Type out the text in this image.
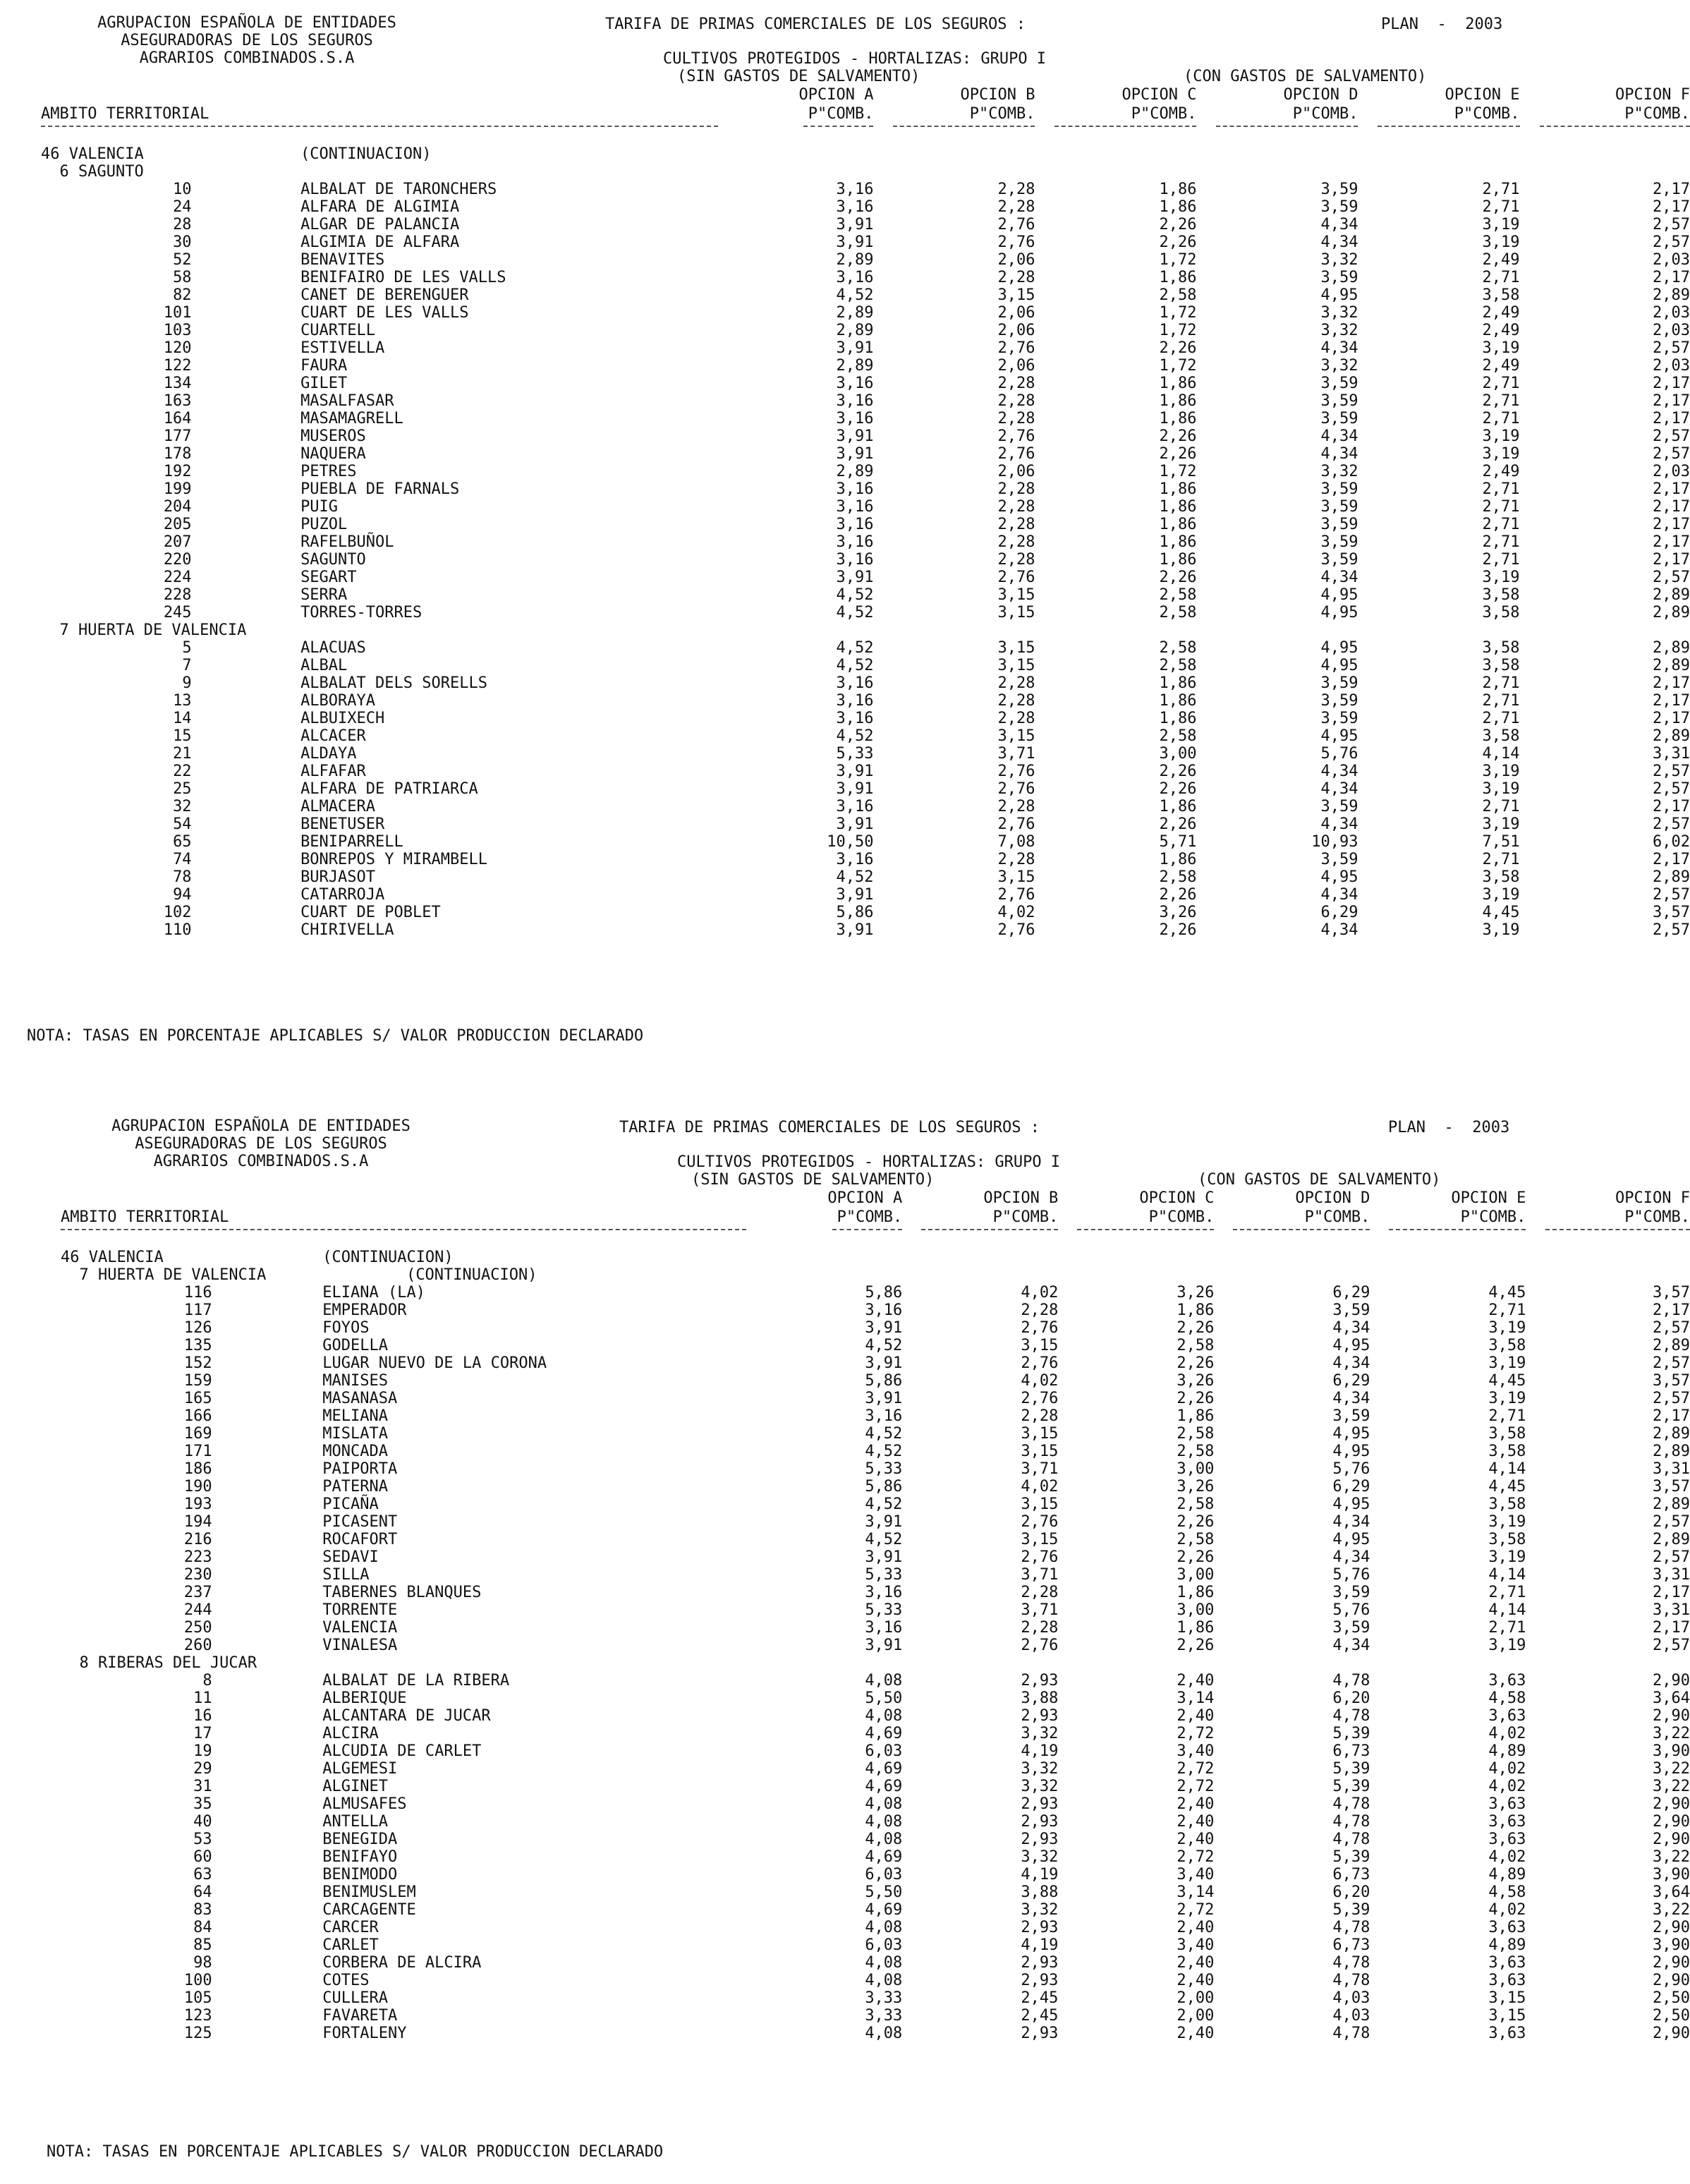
AGRUPACION ESPAÑOLA DE ENTIDADES
ASEGURADORAS DE LOS SEGUROS
AGRARIOS COMBINADOS.S.A
TARIFA DE PRIMAS COMERCIALES DE LOS SEGUROS :	PLAN  -  2003
CULTIVOS PROTEGIDOS - HORTALIZAS: GRUPO I
(SIN GASTOS DE SALVAMENTO)	(CON GASTOS DE SALVAMENTO)
			OPCION A	OPCION B	OPCION C	OPCION D	OPCION E	OPCION F
AMBITO TERRITORIAL			P"COMB.	P"COMB.	P"COMB.	P"COMB.	P"COMB.	P"COMB.

46 VALENCIA		(CONTINUACION)						
6 SAGUNTO								
10		ALBALAT DE TARONCHERS	3,16	2,28	1,86	3,59	2,71	2,17
24		ALFARA DE ALGIMIA	3,16	2,28	1,86	3,59	2,71	2,17
28		ALGAR DE PALANCIA	3,91	2,76	2,26	4,34	3,19	2,57
30		ALGIMIA DE ALFARA	3,91	2,76	2,26	4,34	3,19	2,57
52		BENAVITES	2,89	2,06	1,72	3,32	2,49	2,03
58		BENIFAIRO DE LES VALLS	3,16	2,28	1,86	3,59	2,71	2,17
82		CANET DE BERENGUER	4,52	3,15	2,58	4,95	3,58	2,89
101		CUART DE LES VALLS	2,89	2,06	1,72	3,32	2,49	2,03
103		CUARTELL	2,89	2,06	1,72	3,32	2,49	2,03
120		ESTIVELLA	3,91	2,76	2,26	4,34	3,19	2,57
122		FAURA	2,89	2,06	1,72	3,32	2,49	2,03
134		GILET	3,16	2,28	1,86	3,59	2,71	2,17
163		MASALFASAR	3,16	2,28	1,86	3,59	2,71	2,17
164		MASAMAGRELL	3,16	2,28	1,86	3,59	2,71	2,17
177		MUSEROS	3,91	2,76	2,26	4,34	3,19	2,57
178		NAQUERA	3,91	2,76	2,26	4,34	3,19	2,57
192		PETRES	2,89	2,06	1,72	3,32	2,49	2,03
199		PUEBLA DE FARNALS	3,16	2,28	1,86	3,59	2,71	2,17
204		PUIG	3,16	2,28	1,86	3,59	2,71	2,17
205		PUZOL	3,16	2,28	1,86	3,59	2,71	2,17
207		RAFELBUÑOL	3,16	2,28	1,86	3,59	2,71	2,17
220		SAGUNTO	3,16	2,28	1,86	3,59	2,71	2,17
224		SEGART	3,91	2,76	2,26	4,34	3,19	2,57
228		SERRA	4,52	3,15	2,58	4,95	3,58	2,89
245		TORRES-TORRES	4,52	3,15	2,58	4,95	3,58	2,89
7 HUERTA DE VALENCIA								
5		ALACUAS	4,52	3,15	2,58	4,95	3,58	2,89
7		ALBAL	4,52	3,15	2,58	4,95	3,58	2,89
9		ALBALAT DELS SORELLS	3,16	2,28	1,86	3,59	2,71	2,17
13		ALBORAYA	3,16	2,28	1,86	3,59	2,71	2,17
14		ALBUIXECH	3,16	2,28	1,86	3,59	2,71	2,17
15		ALCACER	4,52	3,15	2,58	4,95	3,58	2,89
21		ALDAYA	5,33	3,71	3,00	5,76	4,14	3,31
22		ALFAFAR	3,91	2,76	2,26	4,34	3,19	2,57
25		ALFARA DE PATRIARCA	3,91	2,76	2,26	4,34	3,19	2,57
32		ALMACERA	3,16	2,28	1,86	3,59	2,71	2,17
54		BENETUSER	3,91	2,76	2,26	4,34	3,19	2,57
65		BENIPARRELL	10,50	7,08	5,71	10,93	7,51	6,02
74		BONREPOS Y MIRAMBELL	3,16	2,28	1,86	3,59	2,71	2,17
78		BURJASOT	4,52	3,15	2,58	4,95	3,58	2,89
94		CATARROJA	3,91	2,76	2,26	4,34	3,19	2,57
102		CUART DE POBLET	5,86	4,02	3,26	6,29	4,45	3,57
110		CHIRIVELLA	3,91	2,76	2,26	4,34	3,19	2,57
NOTA: TASAS EN PORCENTAJE APLICABLES S/ VALOR PRODUCCION DECLARADO
AGRUPACION ESPAÑOLA DE ENTIDADES
ASEGURADORAS DE LOS SEGUROS
AGRARIOS COMBINADOS.S.A
TARIFA DE PRIMAS COMERCIALES DE LOS SEGUROS :	PLAN  -  2003
CULTIVOS PROTEGIDOS - HORTALIZAS: GRUPO I
(SIN GASTOS DE SALVAMENTO)	(CON GASTOS DE SALVAMENTO)
			OPCION A	OPCION B	OPCION C	OPCION D	OPCION E	OPCION F
AMBITO TERRITORIAL			P"COMB.	P"COMB.	P"COMB.	P"COMB.	P"COMB.	P"COMB.

46 VALENCIA		(CONTINUACION)						
7 HUERTA DE VALENCIA               (CONTINUACION)								
116		ELIANA (LA)	5,86	4,02	3,26	6,29	4,45	3,57
117		EMPERADOR	3,16	2,28	1,86	3,59	2,71	2,17
126		FOYOS	3,91	2,76	2,26	4,34	3,19	2,57
135		GODELLA	4,52	3,15	2,58	4,95	3,58	2,89
152		LUGAR NUEVO DE LA CORONA	3,91	2,76	2,26	4,34	3,19	2,57
159		MANISES	5,86	4,02	3,26	6,29	4,45	3,57
165		MASANASA	3,91	2,76	2,26	4,34	3,19	2,57
166		MELIANA	3,16	2,28	1,86	3,59	2,71	2,17
169		MISLATA	4,52	3,15	2,58	4,95	3,58	2,89
171		MONCADA	4,52	3,15	2,58	4,95	3,58	2,89
186		PAIPORTA	5,33	3,71	3,00	5,76	4,14	3,31
190		PATERNA	5,86	4,02	3,26	6,29	4,45	3,57
193		PICAÑA	4,52	3,15	2,58	4,95	3,58	2,89
194		PICASENT	3,91	2,76	2,26	4,34	3,19	2,57
216		ROCAFORT	4,52	3,15	2,58	4,95	3,58	2,89
223		SEDAVI	3,91	2,76	2,26	4,34	3,19	2,57
230		SILLA	5,33	3,71	3,00	5,76	4,14	3,31
237		TABERNES BLANQUES	3,16	2,28	1,86	3,59	2,71	2,17
244		TORRENTE	5,33	3,71	3,00	5,76	4,14	3,31
250		VALENCIA	3,16	2,28	1,86	3,59	2,71	2,17
260		VINALESA	3,91	2,76	2,26	4,34	3,19	2,57
8 RIBERAS DEL JUCAR								
8		ALBALAT DE LA RIBERA	4,08	2,93	2,40	4,78	3,63	2,90
11		ALBERIQUE	5,50	3,88	3,14	6,20	4,58	3,64
16		ALCANTARA DE JUCAR	4,08	2,93	2,40	4,78	3,63	2,90
17		ALCIRA	4,69	3,32	2,72	5,39	4,02	3,22
19		ALCUDIA DE CARLET	6,03	4,19	3,40	6,73	4,89	3,90
29		ALGEMESI	4,69	3,32	2,72	5,39	4,02	3,22
31		ALGINET	4,69	3,32	2,72	5,39	4,02	3,22
35		ALMUSAFES	4,08	2,93	2,40	4,78	3,63	2,90
40		ANTELLA	4,08	2,93	2,40	4,78	3,63	2,90
53		BENEGIDA	4,08	2,93	2,40	4,78	3,63	2,90
60		BENIFAYO	4,69	3,32	2,72	5,39	4,02	3,22
63		BENIMODO	6,03	4,19	3,40	6,73	4,89	3,90
64		BENIMUSLEM	5,50	3,88	3,14	6,20	4,58	3,64
83		CARCAGENTE	4,69	3,32	2,72	5,39	4,02	3,22
84		CARCER	4,08	2,93	2,40	4,78	3,63	2,90
85		CARLET	6,03	4,19	3,40	6,73	4,89	3,90
98		CORBERA DE ALCIRA	4,08	2,93	2,40	4,78	3,63	2,90
100		COTES	4,08	2,93	2,40	4,78	3,63	2,90
105		CULLERA	3,33	2,45	2,00	4,03	3,15	2,50
123		FAVARETA	3,33	2,45	2,00	4,03	3,15	2,50
125		FORTALENY	4,08	2,93	2,40	4,78	3,63	2,90
NOTA: TASAS EN PORCENTAJE APLICABLES S/ VALOR PRODUCCION DECLARADO
